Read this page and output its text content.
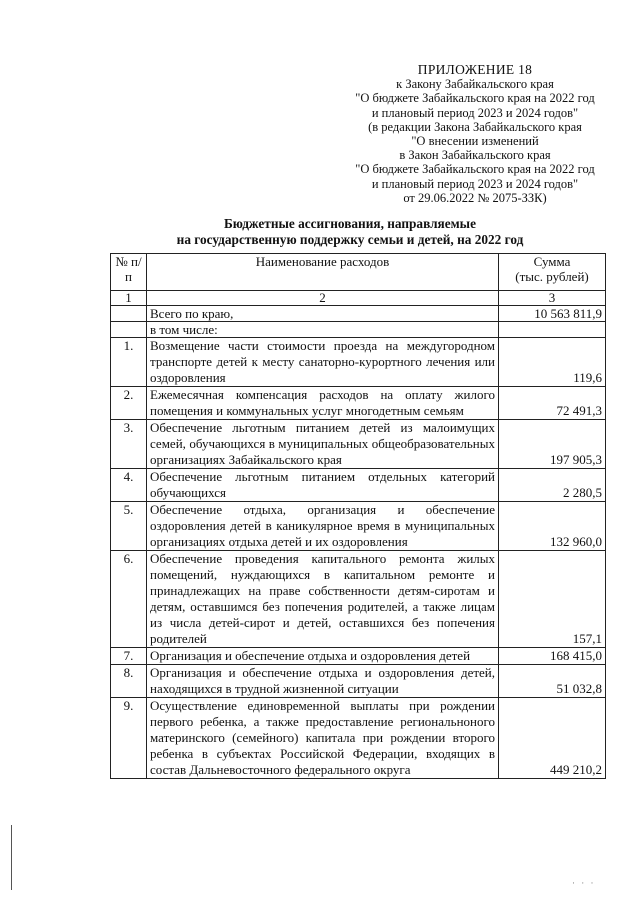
ПРИЛОЖЕНИЕ 18
к Закону Забайкальского края
"О бюджете Забайкальского края на 2022 год
и плановый период 2023 и 2024 годов"
(в редакции Закона Забайкальского края
"О внесении изменений
в Закон Забайкальского края
"О бюджете Забайкальского края на 2022 год
и плановый период 2023 и 2024 годов"
от 29.06.2022 № 2075-ЗЗК)
Бюджетные ассигнования, направляемые
на государственную поддержку семьи и детей, на 2022 год
№ п/п	Наименование расходов	Сумма
(тыс. рублей)

1	2	3
	Всего по краю,	10 563 811,9
	в том числе:	
1.	Возмещение части стоимости проезда на междугородном транспорте детей к месту санаторно-курортного лечения или оздоровления	119,6
2.	Ежемесячная компенсация расходов на оплату жилого помещения и коммунальных услуг многодетным семьям	72 491,3
3.	Обеспечение льготным питанием детей из малоимущих семей, обучающихся в муниципальных общеобразовательных организациях Забайкальского края	197 905,3
4.	Обеспечение льготным питанием отдельных категорий обучающихся	2 280,5
5.	Обеспечение отдыха, организация и обеспечение оздоровления детей в каникулярное время в муниципальных организациях отдыха детей и их оздоровления	132 960,0
6.	Обеспечение проведения капитального ремонта жилых помещений, нуждающихся в капитальном ремонте и принадлежащих на праве собственности детям-сиротам и детям, оставшимся без попечения родителей, а также лицам из числа детей-сирот и детей, оставшихся без попечения родителей	157,1
7.	Организация и обеспечение отдыха и оздоровления детей	168 415,0
8.	Организация и обеспечение отдыха и оздоровления детей, находящихся в трудной жизненной ситуации	51 032,8
9.	Осуществление единовременной выплаты при рождении первого ребенка, а также предоставление региональноного материнского (семейного) капитала при рождении второго ребенка в субъектах Российской Федерации, входящих в состав Дальневосточного федерального округа	449 210,2
· · ·
